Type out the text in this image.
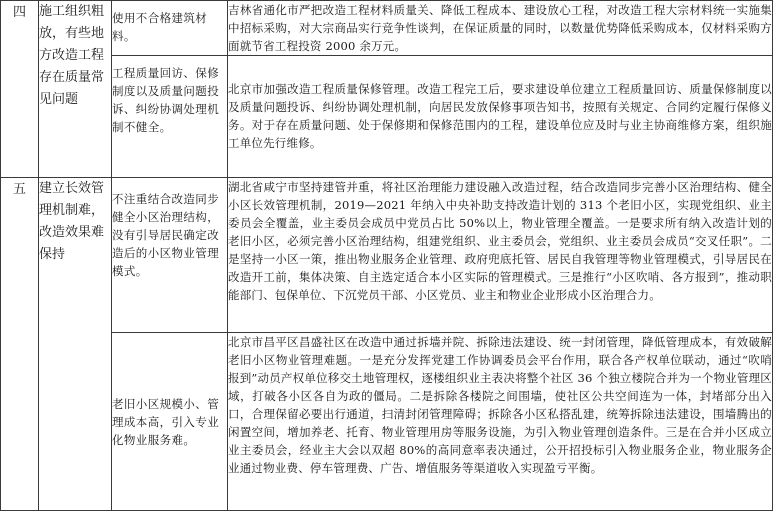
四	施工组织粗放，有些地方改造工程存在质量常见问题	使用不合格建筑材料。	吉林省通化市严把改造工程材料质量关、降低工程成本、建设放心工程，对改造工程大宗材料统一实施集中招标采购，对大宗商品实行竞争性谈判，在保证质量的同时，以数量优势降低采购成本，仅材料采购方面就节省工程投资 2000 余万元。
		工程质量回访、保修制度以及质量问题投诉、纠纷协调处理机制不健全。	北京市加强改造工程质量保修管理。改造工程完工后，要求建设单位建立工程质量回访、质量保修制度以及质量问题投诉、纠纷协调处理机制，向居民发放保修事项告知书，按照有关规定、合同约定履行保修义务。对于存在质量问题、处于保修期和保修范围内的工程，建设单位应及时与业主协商维修方案，组织施工单位先行维修。
五	建立长效管理机制难，改造效果难保持	不注重结合改造同步健全小区治理结构，没有引导居民确定改造后的小区物业管理模式。	湖北省咸宁市坚持建管并重，将社区治理能力建设融入改造过程，结合改造同步完善小区治理结构、健全小区长效管理机制，2019—2021 年纳入中央补助支持改造计划的 313 个老旧小区，实现党组织、业主委员会全覆盖，业主委员会成员中党员占比 50%以上，物业管理全覆盖。一是要求所有纳入改造计划的老旧小区，必须完善小区治理结构，组建党组织、业主委员会，党组织、业主委员会成员“交叉任职”。二是坚持一小区一策，推出物业服务企业管理、政府兜底托管、居民自我管理等物业管理模式，引导居民在改造开工前，集体决策、自主选定适合本小区实际的管理模式。三是推行“小区吹哨、各方报到”，推动职能部门、包保单位、下沉党员干部、小区党员、业主和物业企业形成小区治理合力。
		老旧小区规模小、管理成本高，引入专业化物业服务难。	北京市昌平区昌盛社区在改造中通过拆墙并院、拆除违法建设、统一封闭管理，降低管理成本，有效破解老旧小区物业管理难题。一是充分发挥党建工作协调委员会平台作用，联合各产权单位联动，通过“吹哨报到”动员产权单位移交土地管理权，逐楼组织业主表决将整个社区 36 个独立楼院合并为一个物业管理区域，打破各小区各自为政的僵局。二是拆除各楼院之间围墙，使社区公共空间连为一体，封堵部分出入口，合理保留必要出行通道，扫清封闭管理障碍；拆除各小区私搭乱建，统筹拆除违法建设，围墙腾出的闲置空间，增加养老、托育、物业管理用房等服务设施，为引入物业管理创造条件。三是在合并小区成立业主委员会，经业主大会以双超 80%的高同意率表决通过，公开招投标引入物业服务企业，物业服务企业通过物业费、停车管理费、广告、增值服务等渠道收入实现盈亏平衡。
